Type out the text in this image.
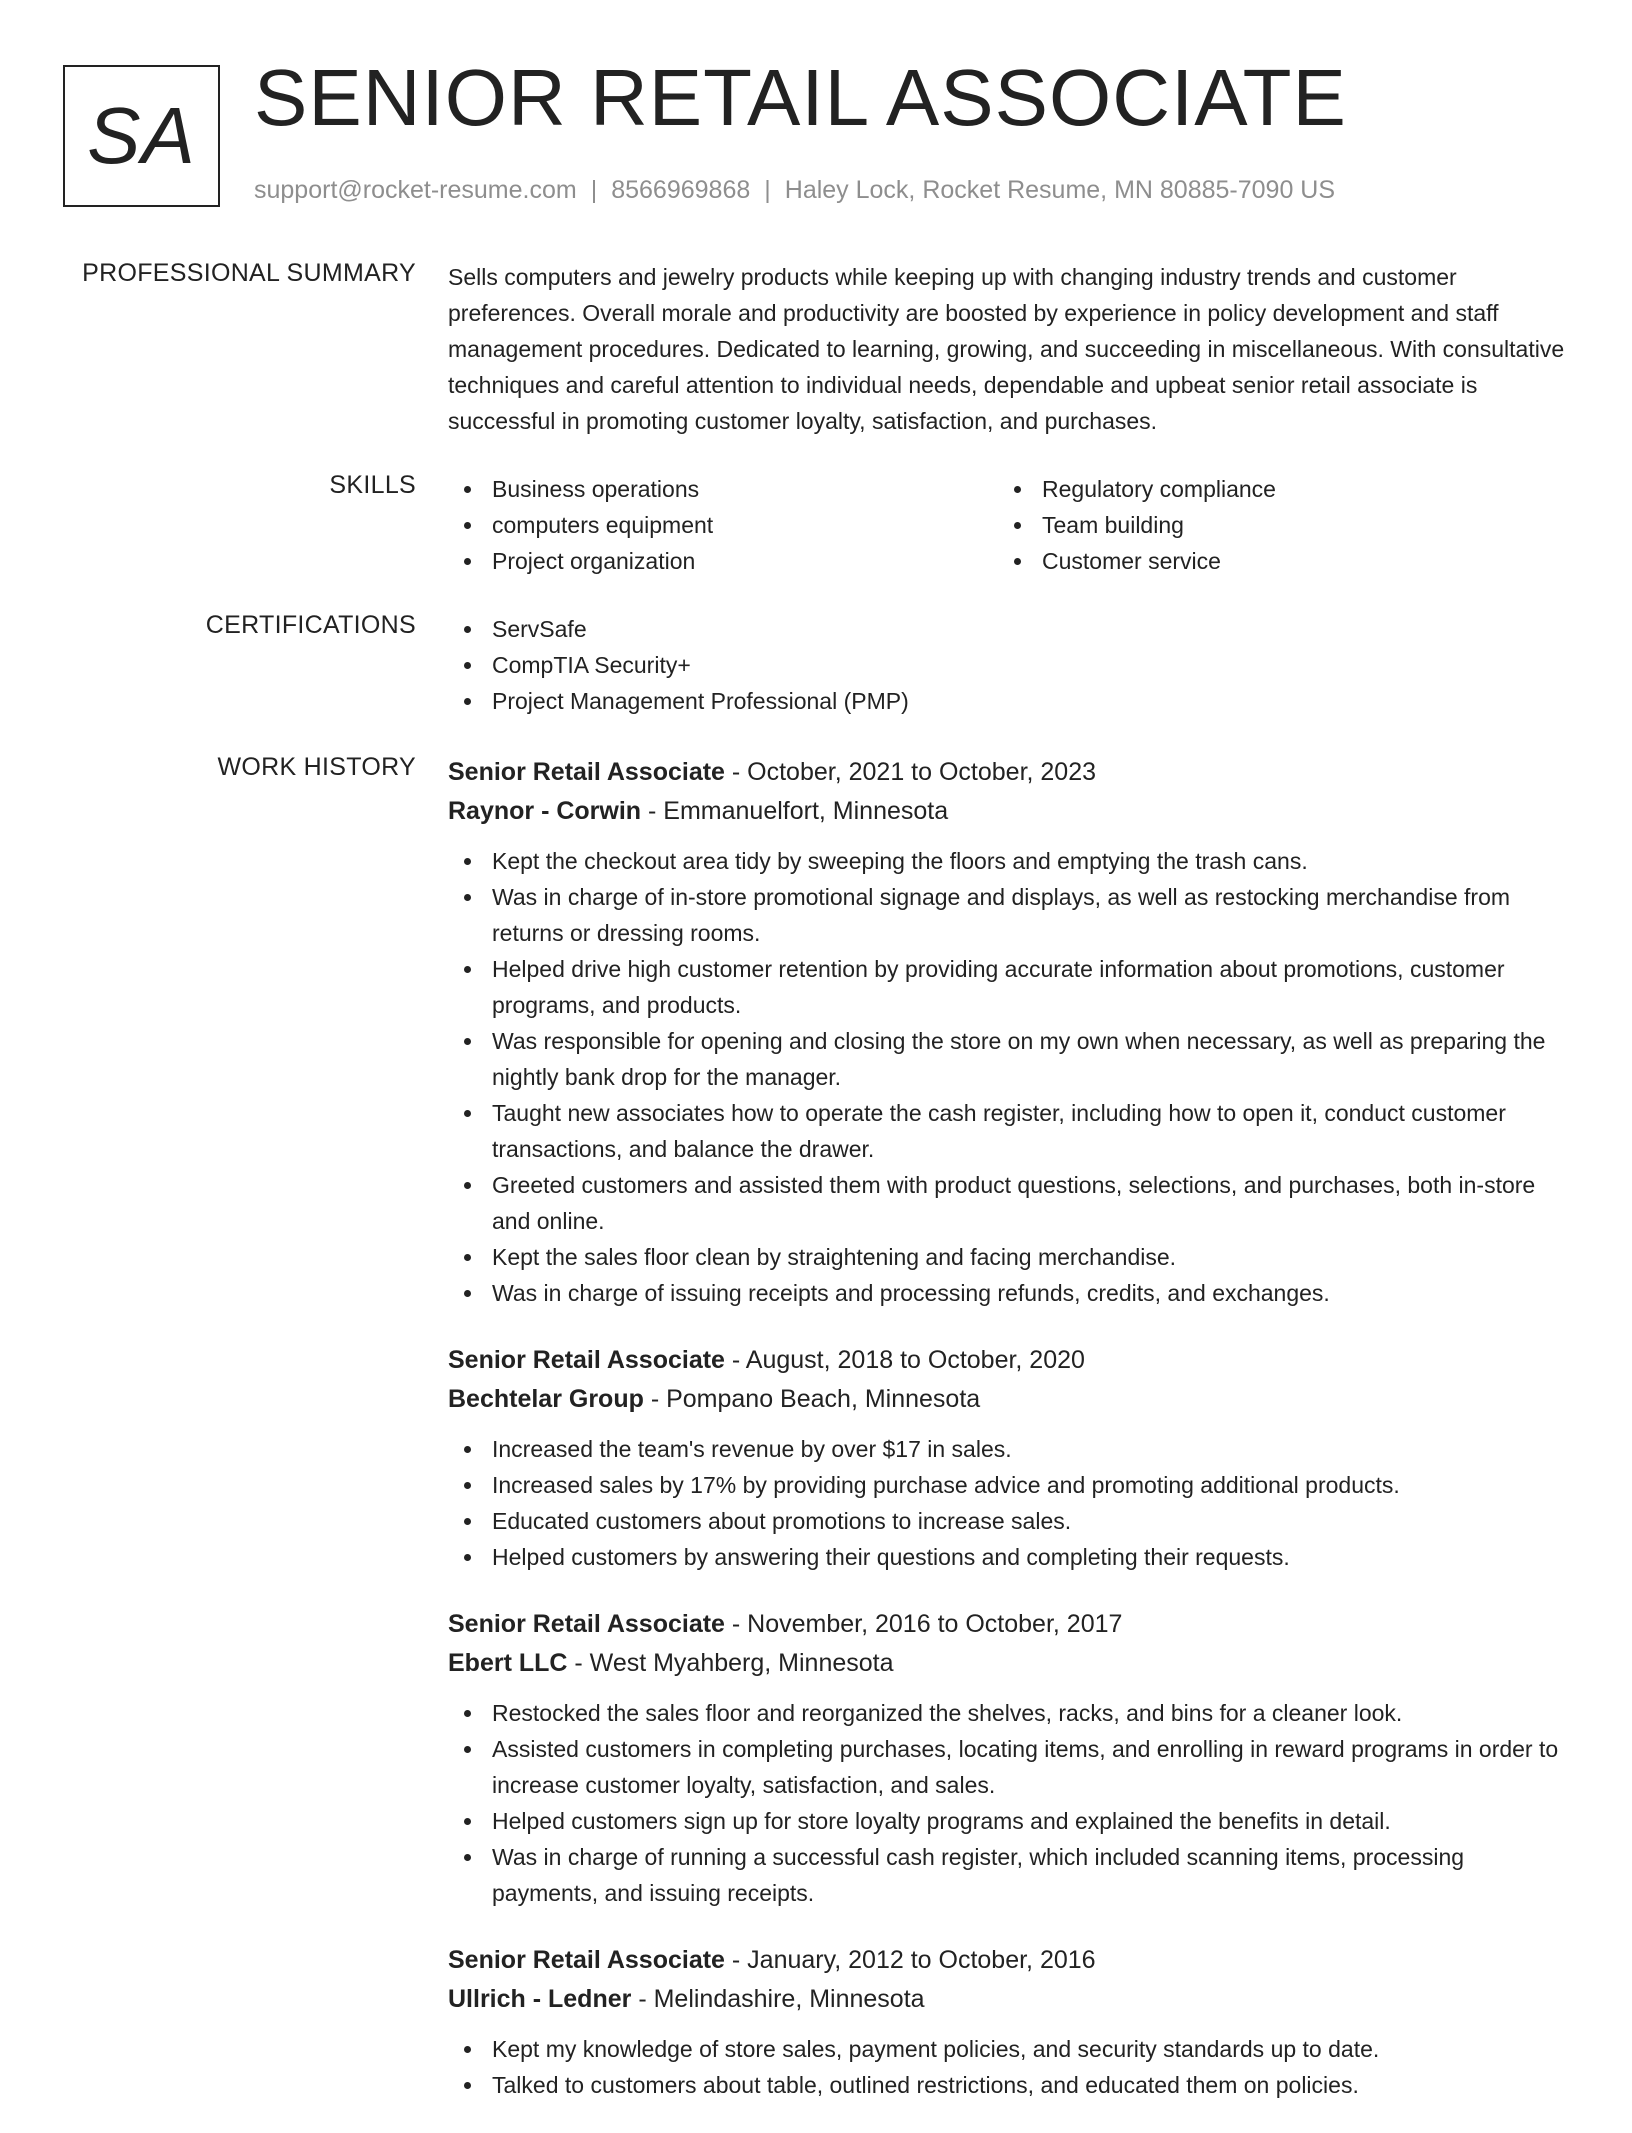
SA SENIOR RETAIL ASSOCIATE
support@rocket-resume.com | 8566969868 | Haley Lock, Rocket Resume, MN 80885-7090 US
PROFESSIONAL SUMMARY Sells computers and jewelry products while keeping up with changing industry trends and customer preferences. Overall morale and productivity are boosted by experience in policy development and staff management procedures. Dedicated to learning, growing, and succeeding in miscellaneous. With consultative techniques and careful attention to individual needs, dependable and upbeat senior retail associate is successful in promoting customer loyalty, satisfaction, and purchases.

SKILLS	Business operations
computers equipment
Project organization
Regulatory compliance
Team building
Customer service
CERTIFICATIONS	ServSafe
CompTIA Security+
Project Management Professional (PMP)
WORK HISTORY Senior Retail Associate - October, 2021 to October, 2023
Raynor - Corwin - Emmanuelfort, Minnesota
Kept the checkout area tidy by sweeping the floors and emptying the trash cans.
Was in charge of in-store promotional signage and displays, as well as restocking merchandise from returns or dressing rooms.
Helped drive high customer retention by providing accurate information about promotions, customer programs, and products.
Was responsible for opening and closing the store on my own when necessary, as well as preparing the nightly bank drop for the manager.
Taught new associates how to operate the cash register, including how to open it, conduct customer transactions, and balance the drawer.
Greeted customers and assisted them with product questions, selections, and purchases, both in-store and online.
Kept the sales floor clean by straightening and facing merchandise.
Was in charge of issuing receipts and processing refunds, credits, and exchanges.
Senior Retail Associate - August, 2018 to October, 2020
Bechtelar Group - Pompano Beach, Minnesota
Increased the team's revenue by over $17 in sales.
Increased sales by 17% by providing purchase advice and promoting additional products.
Educated customers about promotions to increase sales.
Helped customers by answering their questions and completing their requests.
Senior Retail Associate - November, 2016 to October, 2017
Ebert LLC - West Myahberg, Minnesota
Restocked the sales floor and reorganized the shelves, racks, and bins for a cleaner look.
Assisted customers in completing purchases, locating items, and enrolling in reward programs in order to increase customer loyalty, satisfaction, and sales.
Helped customers sign up for store loyalty programs and explained the benefits in detail.
Was in charge of running a successful cash register, which included scanning items, processing payments, and issuing receipts.
Senior Retail Associate - January, 2012 to October, 2016
Ullrich - Ledner - Melindashire, Minnesota
Kept my knowledge of store sales, payment policies, and security standards up to date.
Talked to customers about table, outlined restrictions, and educated them on policies.
